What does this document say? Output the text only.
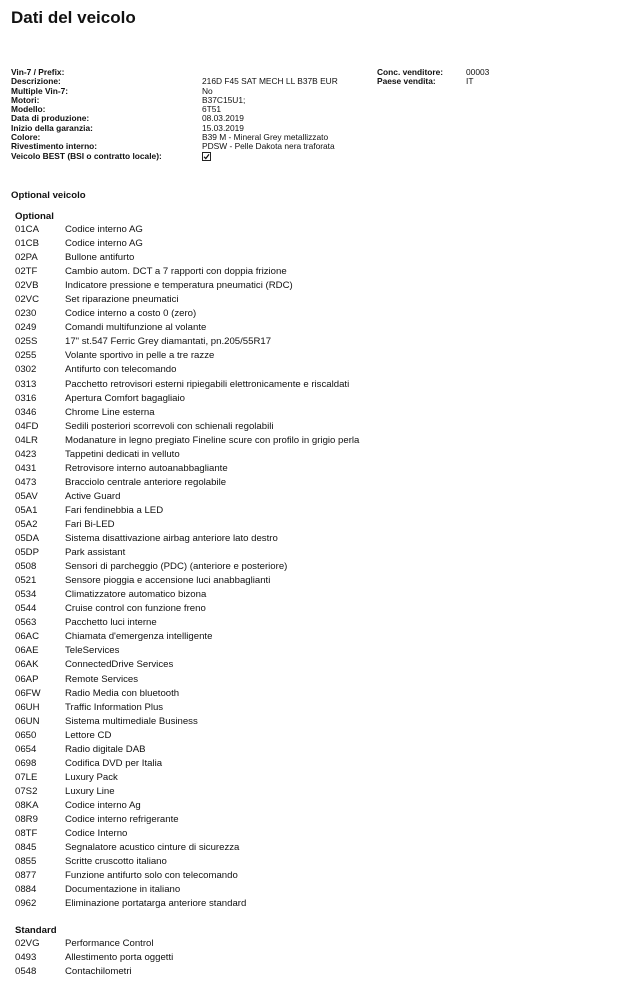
Dati del veicolo
Vin-7 / Prefix:	Conc. venditore:	00003
Descrizione:	216D F45 SAT MECH LL B37B EUR	Paese vendita:	IT
Multiple Vin-7:	No
Motori:	B37C15U1;
Modello:	6T51
Data di produzione:	08.03.2019
Inizio della garanzia:	15.03.2019
Colore:	B39 M - Mineral Grey metallizzato
Rivestimento interno:	PDSW - Pelle Dakota nera traforata
Veicolo BEST (BSI o contratto locale):
Optional veicolo
Optional
01CA	Codice interno AG
01CB	Codice interno AG
02PA	Bullone antifurto
02TF	Cambio autom. DCT a 7 rapporti con doppia frizione
02VB	Indicatore pressione e temperatura pneumatici (RDC)
02VC	Set riparazione pneumatici
0230	Codice interno a costo 0 (zero)
0249	Comandi multifunzione al volante
025S	17" st.547 Ferric Grey diamantati, pn.205/55R17
0255	Volante sportivo in pelle a tre razze
0302	Antifurto con telecomando
0313	Pacchetto retrovisori esterni ripiegabili elettronicamente e riscaldati
0316	Apertura Comfort bagagliaio
0346	Chrome Line esterna
04FD	Sedili posteriori scorrevoli con schienali regolabili
04LR	Modanature in legno pregiato Fineline scure con profilo in grigio perla
0423	Tappetini dedicati in velluto
0431	Retrovisore interno autoanabbagliante
0473	Bracciolo centrale anteriore regolabile
05AV	Active Guard
05A1	Fari fendinebbia a LED
05A2	Fari Bi-LED
05DA	Sistema disattivazione airbag anteriore lato destro
05DP	Park assistant
0508	Sensori di parcheggio (PDC) (anteriore e posteriore)
0521	Sensore pioggia e accensione luci anabbaglianti
0534	Climatizzatore automatico bizona
0544	Cruise control con funzione freno
0563	Pacchetto luci interne
06AC	Chiamata d'emergenza intelligente
06AE	TeleServices
06AK	ConnectedDrive Services
06AP	Remote Services
06FW	Radio Media con bluetooth
06UH	Traffic Information Plus
06UN	Sistema multimediale Business
0650	Lettore CD
0654	Radio digitale DAB
0698	Codifica DVD per Italia
07LE	Luxury Pack
07S2	Luxury Line
08KA	Codice interno Ag
08R9	Codice interno refrigerante
08TF	Codice Interno
0845	Segnalatore acustico cinture di sicurezza
0855	Scritte cruscotto italiano
0877	Funzione antifurto solo con telecomando
0884	Documentazione in italiano
0962	Eliminazione portatarga anteriore standard
Standard
02VG	Performance Control
0493	Allestimento porta oggetti
0548	Contachilometri
